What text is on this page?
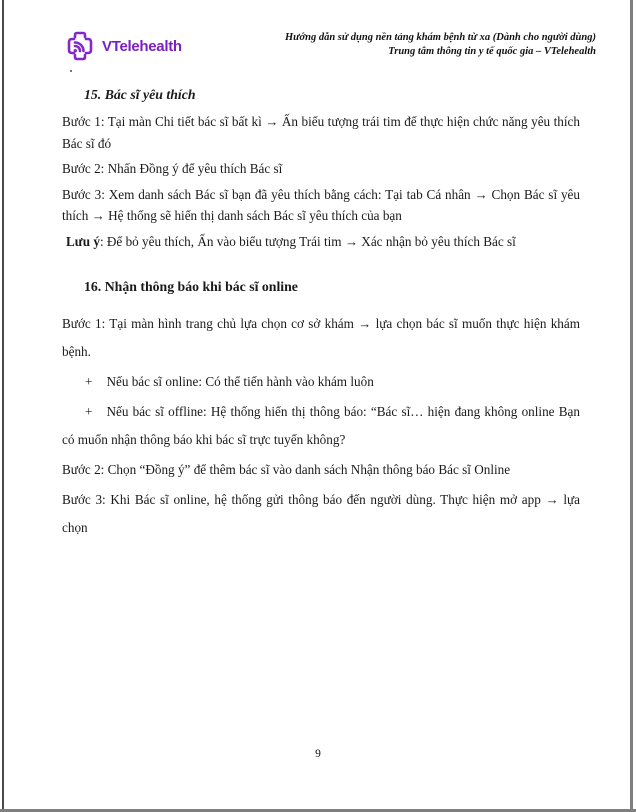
VTelehealth	Hướng dẫn sử dụng nền tảng khám bệnh từ xa (Dành cho người dùng)
Trung tâm thông tin y tế quốc gia – VTelehealth
15. Bác sĩ yêu thích

Bước 1: Tại màn Chi tiết bác sĩ bất kì → Ấn biểu tượng trái tim để thực hiện chức năng yêu thích Bác sĩ đó

Bước 2: Nhấn Đồng ý để yêu thích Bác sĩ

Bước 3: Xem danh sách Bác sĩ bạn đã yêu thích bằng cách: Tại tab Cá nhân → Chọn Bác sĩ yêu thích → Hệ thống sẽ hiển thị danh sách Bác sĩ yêu thích của bạn

Lưu ý: Để bỏ yêu thích, Ấn vào biểu tượng Trái tim → Xác nhận bỏ yêu thích Bác sĩ

16. Nhận thông báo khi bác sĩ online

Bước 1: Tại màn hình trang chủ lựa chọn cơ sở khám → lựa chọn bác sĩ muốn thực hiện khám bệnh.

+ Nếu bác sĩ online: Có thể tiến hành vào khám luôn

+ Nếu bác sĩ offline: Hệ thống hiển thị thông báo: “Bác sĩ… hiện đang không online Bạn có muốn nhận thông báo khi bác sĩ trực tuyến không?

Bước 2: Chọn “Đồng ý” để thêm bác sĩ vào danh sách Nhận thông báo Bác sĩ Online

Bước 3: Khi Bác sĩ online, hệ thống gửi thông báo đến người dùng. Thực hiện mở app → lựa chọn

9
